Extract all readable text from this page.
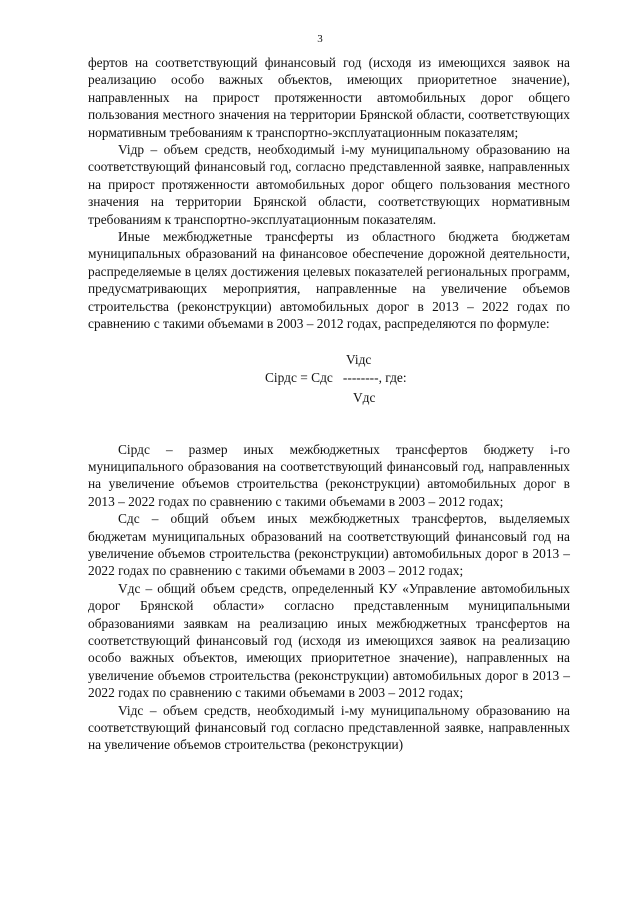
3

фертов на соответствующий финансовый год (исходя из имеющихся заявок на реализацию особо важных объектов, имеющих приоритетное значение), направленных на прирост протяженности автомобильных дорог общего пользования местного значения на территории Брянской области, соответствующих нормативным требованиям к транспортно-эксплуатационным показателям;

Viдр – объем средств, необходимый i-му муниципальному образованию на соответствующий финансовый год, согласно представленной заявке, направленных на прирост протяженности автомобильных дорог общего пользования местного значения на территории Брянской области, соответствующих нормативным требованиям к транспортно-эксплуатационным показателям.

Иные межбюджетные трансферты из областного бюджета бюджетам муниципальных образований на финансовое обеспечение дорожной деятельности, распределяемые в целях достижения целевых показателей региональных программ, предусматривающих мероприятия, направленные на увеличение объемов строительства (реконструкции) автомобильных дорог в 2013 – 2022 годах по сравнению с такими объемами в 2003 – 2012 годах, распределяются по формуле:

Viдс
Сiрдс = Сдс   --------, где:
Vдс

Сiрдс – размер иных межбюджетных трансфертов бюджету i-го муниципального образования на соответствующий финансовый год, направленных на увеличение объемов строительства (реконструкции) автомобильных дорог в 2013 – 2022 годах по сравнению с такими объемами в 2003 – 2012 годах;

Сдс – общий объем иных межбюджетных трансфертов, выделяемых бюджетам муниципальных образований на соответствующий финансовый год на увеличение объемов строительства (реконструкции) автомобильных дорог в 2013 – 2022 годах по сравнению с такими объемами в 2003 – 2012 годах;

Vдс – общий объем средств, определенный КУ «Управление автомобильных дорог Брянской области» согласно представленным муниципальными образованиями заявкам на реализацию иных межбюджетных трансфертов на соответствующий финансовый год (исходя из имеющихся заявок на реализацию особо важных объектов, имеющих приоритетное значение), направленных на увеличение объемов строительства (реконструкции) автомобильных дорог в 2013 – 2022 годах по сравнению с такими объемами в 2003 – 2012 годах;

Viдс – объем средств, необходимый i-му муниципальному образованию на соответствующий финансовый год согласно представленной заявке, направленных на увеличение объемов строительства (реконструкции)
